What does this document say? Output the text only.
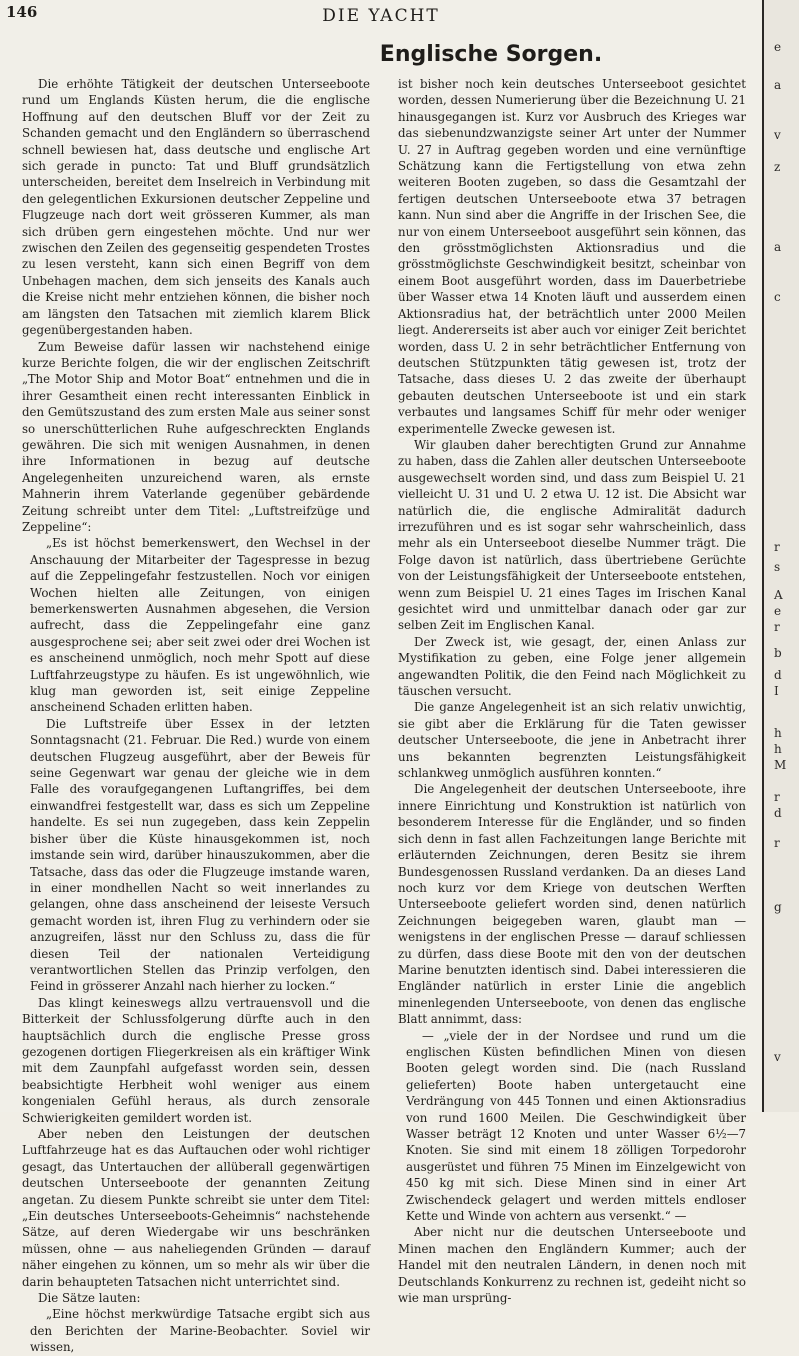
146	DIE YACHT
Englische Sorgen.

Die erhöhte Tätigkeit der deutschen Unterseeboote rund um Englands Küsten herum, die die englische Hoffnung auf den deutschen Bluff vor der Zeit zu Schanden gemacht und den Engländern so überraschend schnell bewiesen hat, dass deutsche und englische Art sich gerade in puncto: Tat und Bluff grundsätzlich unterscheiden, bereitet dem Inselreich in Verbindung mit den gelegentlichen Exkursionen deutscher Zeppeline und Flugzeuge nach dort weit grösseren Kummer, als man sich drüben gern eingestehen möchte. Und nur wer zwischen den Zeilen des gegenseitig gespendeten Trostes zu lesen versteht, kann sich einen Begriff von dem Unbehagen machen, dem sich jenseits des Kanals auch die Kreise nicht mehr entziehen können, die bisher noch am längsten den Tatsachen mit ziemlich klarem Blick gegenübergestanden haben.

Zum Beweise dafür lassen wir nachstehend einige kurze Berichte folgen, die wir der englischen Zeitschrift „The Motor Ship and Motor Boat“ entnehmen und die in ihrer Gesamtheit einen recht interessanten Einblick in den Gemütszustand des zum ersten Male aus seiner sonst so unerschütterlichen Ruhe aufgeschreckten Englands gewähren. Die sich mit wenigen Ausnahmen, in denen ihre Informationen in bezug auf deutsche Angelegenheiten unzureichend waren, als ernste Mahnerin ihrem Vaterlande gegenüber gebärdende Zeitung schreibt unter dem Titel: „Luftstreifzüge und Zeppeline“:

„Es ist höchst bemerkenswert, den Wechsel in der Anschauung der Mitarbeiter der Tagespresse in bezug auf die Zeppelingefahr festzustellen. Noch vor einigen Wochen hielten alle Zeitungen, von einigen bemerkenswerten Ausnahmen abgesehen, die Version aufrecht, dass die Zeppelingefahr eine ganz ausgesprochene sei; aber seit zwei oder drei Wochen ist es anscheinend unmöglich, noch mehr Spott auf diese Luftfahrzeugstype zu häufen. Es ist ungewöhnlich, wie klug man geworden ist, seit einige Zeppeline anscheinend Schaden erlitten haben.

Die Luftstreife über Essex in der letzten Sonntagsnacht (21. Februar. Die Red.) wurde von einem deutschen Flugzeug ausgeführt, aber der Beweis für seine Gegenwart war genau der gleiche wie in dem Falle des voraufgegangenen Luftangriffes, bei dem einwandfrei festgestellt war, dass es sich um Zeppeline handelte. Es sei nun zugegeben, dass kein Zeppelin bisher über die Küste hinausgekommen ist, noch imstande sein wird, darüber hinauszukommen, aber die Tatsache, dass das oder die Flugzeuge imstande waren, in einer mondhellen Nacht so weit innerlandes zu gelangen, ohne dass anscheinend der leiseste Versuch gemacht worden ist, ihren Flug zu verhindern oder sie anzugreifen, lässt nur den Schluss zu, dass die für diesen Teil der nationalen Verteidigung verantwortlichen Stellen das Prinzip verfolgen, den Feind in grösserer Anzahl nach hierher zu locken.“

Das klingt keineswegs allzu vertrauensvoll und die Bitterkeit der Schlussfolgerung dürfte auch in den hauptsächlich durch die englische Presse gross gezogenen dortigen Fliegerkreisen als ein kräftiger Wink mit dem Zaunpfahl aufgefasst worden sein, dessen beabsichtigte Herbheit wohl weniger aus einem kongenialen Gefühl heraus, als durch zensorale Schwierigkeiten gemildert worden ist.

Aber neben den Leistungen der deutschen Luftfahrzeuge hat es das Auftauchen oder wohl richtiger gesagt, das Untertauchen der allüberall gegenwärtigen deutschen Unterseeboote der genannten Zeitung angetan. Zu diesem Punkte schreibt sie unter dem Titel: „Ein deutsches Unterseeboots-Geheimnis“ nachstehende Sätze, auf deren Wiedergabe wir uns beschränken müssen, ohne — aus naheliegenden Gründen — darauf näher eingehen zu können, um so mehr als wir über die darin behaupteten Tatsachen nicht unterrichtet sind.

Die Sätze lauten:

„Eine höchst merkwürdige Tatsache ergibt sich aus den Berichten der Marine-Beobachter. Soviel wir wissen,

ist bisher noch kein deutsches Unterseeboot gesichtet worden, dessen Numerierung über die Bezeichnung U. 21 hinausgegangen ist. Kurz vor Ausbruch des Krieges war das siebenundzwanzigste seiner Art unter der Nummer U. 27 in Auftrag gegeben worden und eine vernünftige Schätzung kann die Fertigstellung von etwa zehn weiteren Booten zugeben, so dass die Gesamtzahl der fertigen deutschen Unterseeboote etwa 37 betragen kann. Nun sind aber die Angriffe in der Irischen See, die nur von einem Unterseeboot ausgeführt sein können, das den grösstmöglichsten Aktionsradius und die grösstmöglichste Geschwindigkeit besitzt, scheinbar von einem Boot ausgeführt worden, dass im Dauerbetriebe über Wasser etwa 14 Knoten läuft und ausserdem einen Aktionsradius hat, der beträchtlich unter 2000 Meilen liegt. Andererseits ist aber auch vor einiger Zeit berichtet worden, dass U. 2 in sehr beträchtlicher Entfernung von deutschen Stützpunkten tätig gewesen ist, trotz der Tatsache, dass dieses U. 2 das zweite der überhaupt gebauten deutschen Unterseeboote ist und ein stark verbautes und langsames Schiff für mehr oder weniger experimentelle Zwecke gewesen ist.

Wir glauben daher berechtigten Grund zur Annahme zu haben, dass die Zahlen aller deutschen Unterseeboote ausgewechselt worden sind, und dass zum Beispiel U. 21 vielleicht U. 31 und U. 2 etwa U. 12 ist. Die Absicht war natürlich die, die englische Admiralität dadurch irrezuführen und es ist sogar sehr wahrscheinlich, dass mehr als ein Unterseeboot dieselbe Nummer trägt. Die Folge davon ist natürlich, dass übertriebene Gerüchte von der Leistungsfähigkeit der Unterseeboote entstehen, wenn zum Beispiel U. 21 eines Tages im Irischen Kanal gesichtet wird und unmittelbar danach oder gar zur selben Zeit im Englischen Kanal.

Der Zweck ist, wie gesagt, der, einen Anlass zur Mystifikation zu geben, eine Folge jener allgemein angewandten Politik, die den Feind nach Möglichkeit zu täuschen versucht.

Die ganze Angelegenheit ist an sich relativ unwichtig, sie gibt aber die Erklärung für die Taten gewisser deutscher Unterseeboote, die jene in Anbetracht ihrer uns bekannten begrenzten Leistungsfähigkeit schlankweg unmöglich ausführen konnten.“

Die Angelegenheit der deutschen Unterseeboote, ihre innere Einrichtung und Konstruktion ist natürlich von besonderem Interesse für die Engländer, und so finden sich denn in fast allen Fachzeitungen lange Berichte mit erläuternden Zeichnungen, deren Besitz sie ihrem Bundesgenossen Russland verdanken. Da an dieses Land noch kurz vor dem Kriege von deutschen Werften Unterseeboote geliefert worden sind, denen natürlich Zeichnungen beigegeben waren, glaubt man — wenigstens in der englischen Presse — darauf schliessen zu dürfen, dass diese Boote mit den von der deutschen Marine benutzten identisch sind. Dabei interessieren die Engländer natürlich in erster Linie die angeblich minenlegenden Unterseeboote, von denen das englische Blatt annimmt, dass:

— „viele der in der Nordsee und rund um die englischen Küsten befindlichen Minen von diesen Booten gelegt worden sind. Die (nach Russland gelieferten) Boote haben untergetaucht eine Verdrängung von 445 Tonnen und einen Aktionsradius von rund 1600 Meilen. Die Geschwindigkeit über Wasser beträgt 12 Knoten und unter Wasser 6½—7 Knoten. Sie sind mit einem 18 zölligen Torpedorohr ausgerüstet und führen 75 Minen im Einzelgewicht von 450 kg mit sich. Diese Minen sind in einer Art Zwischendeck gelagert und werden mittels endloser Kette und Winde von achtern aus versenkt.“ —

Aber nicht nur die deutschen Unterseeboote und Minen machen den Engländern Kummer; auch der Handel mit den neutralen Ländern, in denen noch mit Deutschlands Konkurrenz zu rechnen ist, gedeiht nicht so wie man ursprüng-

e
a
v
z
a
c
r
s
A
e
r
b
d
I
h
h
M
r
d
r
g
v
